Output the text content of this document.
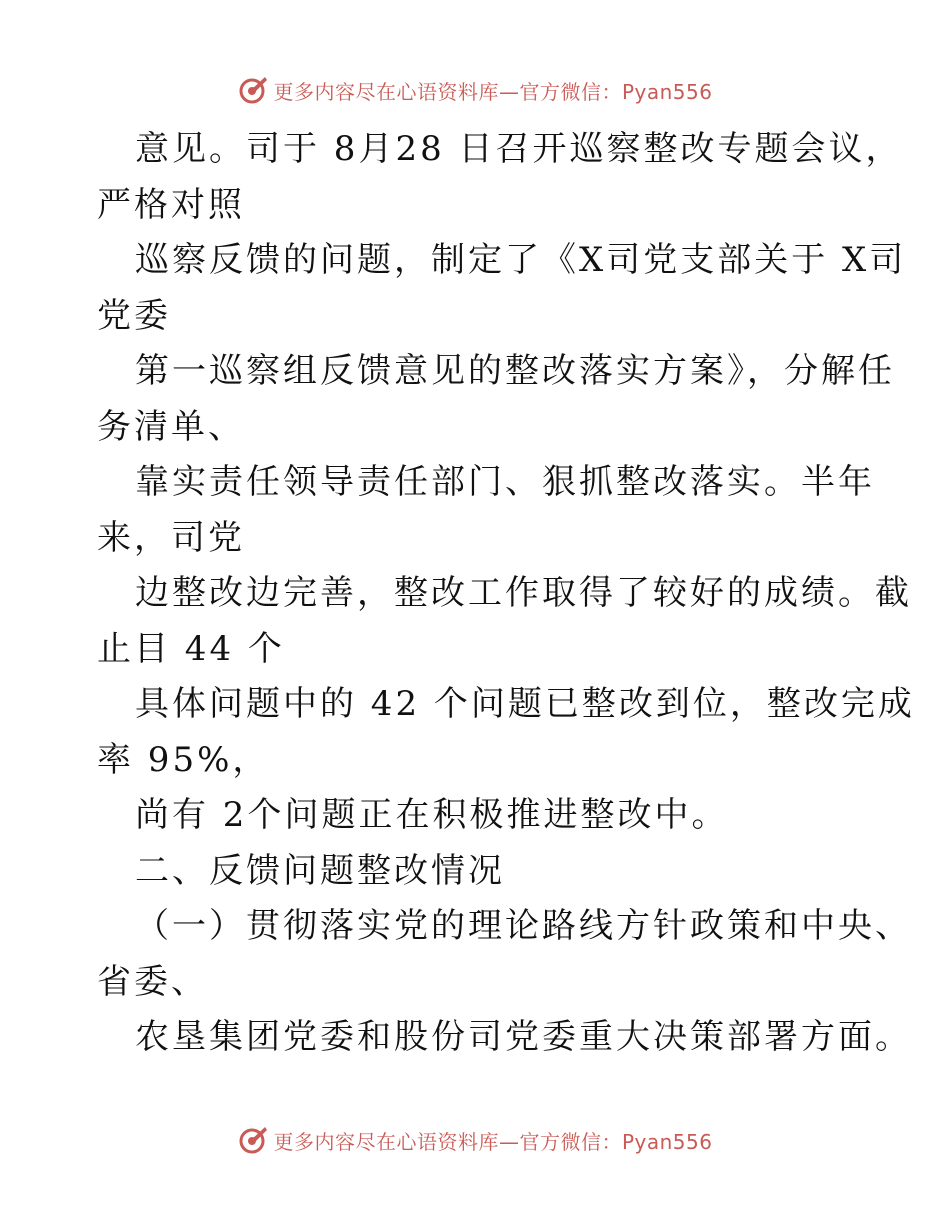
更多内容尽在心语资料库—官方微信：Pyan556
意见。司于 8月28 日召开巡察整改专题会议，
严格对照
巡察反馈的问题，制定了《X司党支部关于 X司
党委
第一巡察组反馈意见的整改落实方案》，分解任
务清单、
靠实责任领导责任部门、狠抓整改落实。半年
来，司党
边整改边完善，整改工作取得了较好的成绩。截
止目 44 个
具体问题中的 42 个问题已整改到位，整改完成
率 95%，
尚有 2个问题正在积极推进整改中。
二、反馈问题整改情况
（一）贯彻落实党的理论路线方针政策和中央、
省委、
农垦集团党委和股份司党委重大决策部署方面。
更多内容尽在心语资料库—官方微信：Pyan556
